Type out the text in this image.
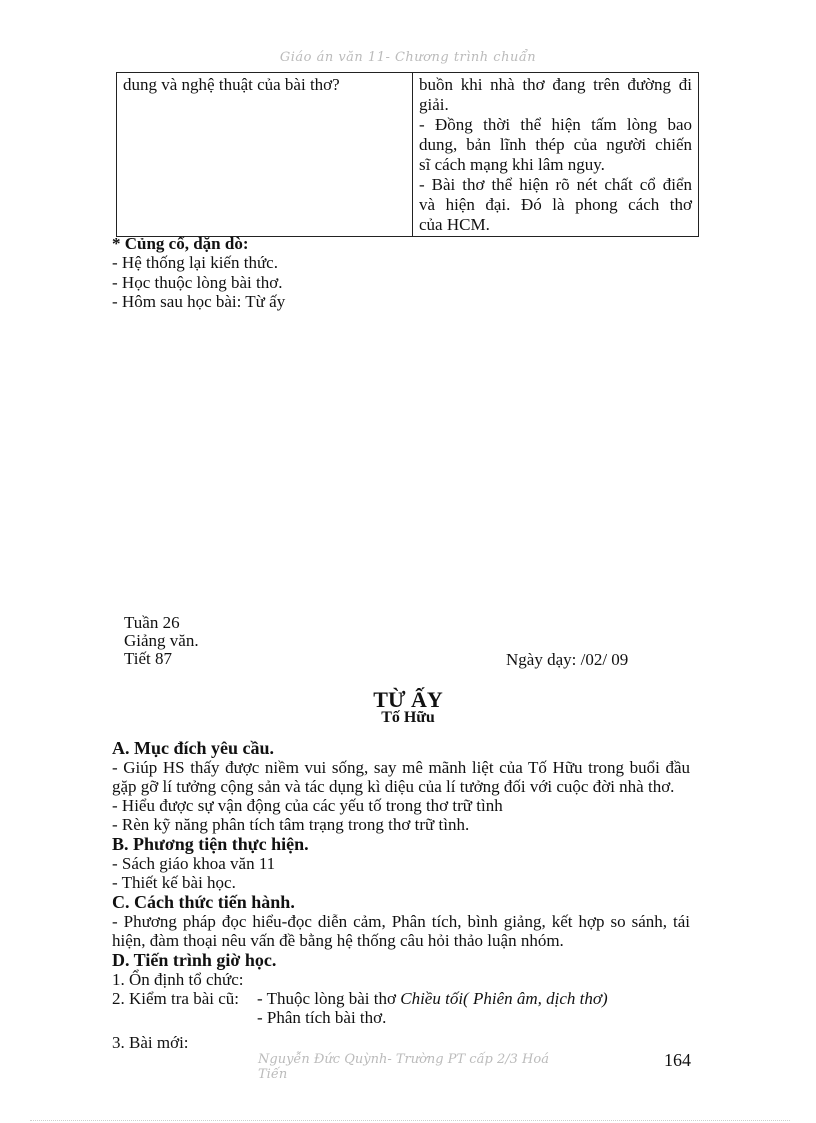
Giáo án văn 11- Chương trình chuẩn
dung và nghệ thuật của bài thơ?	buồn khi nhà thơ đang trên đường đi
giải.
- Đồng thời thể hiện tấm lòng bao
dung, bản lĩnh thép của người chiến
sĩ cách mạng khi lâm nguy.
- Bài thơ thể hiện rõ nét chất cổ điển
và hiện đại. Đó là phong cách thơ
của HCM.
* Củng cố, dặn dò:
- Hệ thống lại kiến thức.
- Học thuộc lòng bài thơ.
- Hôm sau học bài: Từ ấy
Tuần 26
Giảng văn.
Tiết 87	Ngày dạy: /02/ 09
TỪ ẤY
Tố Hữu
A. Mục đích yêu cầu.
- Giúp HS thấy được niềm vui sống, say mê mãnh liệt của Tố Hữu trong buổi đầu gặp gỡ lí tưởng cộng sản và tác dụng kì diệu của lí tưởng đối với cuộc đời nhà thơ.
- Hiểu được sự vận động của các yếu tố trong thơ trữ tình
- Rèn kỹ năng phân tích tâm trạng trong thơ trữ tình.
B. Phương tiện thực hiện.
- Sách giáo khoa văn 11
- Thiết kế bài học.
C. Cách thức tiến hành.
- Phương pháp đọc hiểu-đọc diễn cảm, Phân tích, bình giảng, kết hợp so sánh, tái hiện, đàm thoại nêu vấn đề bằng hệ thống câu hỏi thảo luận nhóm.
D. Tiến trình giờ học.
1. Ổn định tổ chức:
2. Kiểm tra bài cũ:	- Thuộc lòng bài thơ Chiều tối( Phiên âm, dịch thơ)
- Phân tích bài thơ.
3. Bài mới:
Nguyễn Đức Quỳnh- Trường PT cấp 2/3 Hoá Tiến
164
